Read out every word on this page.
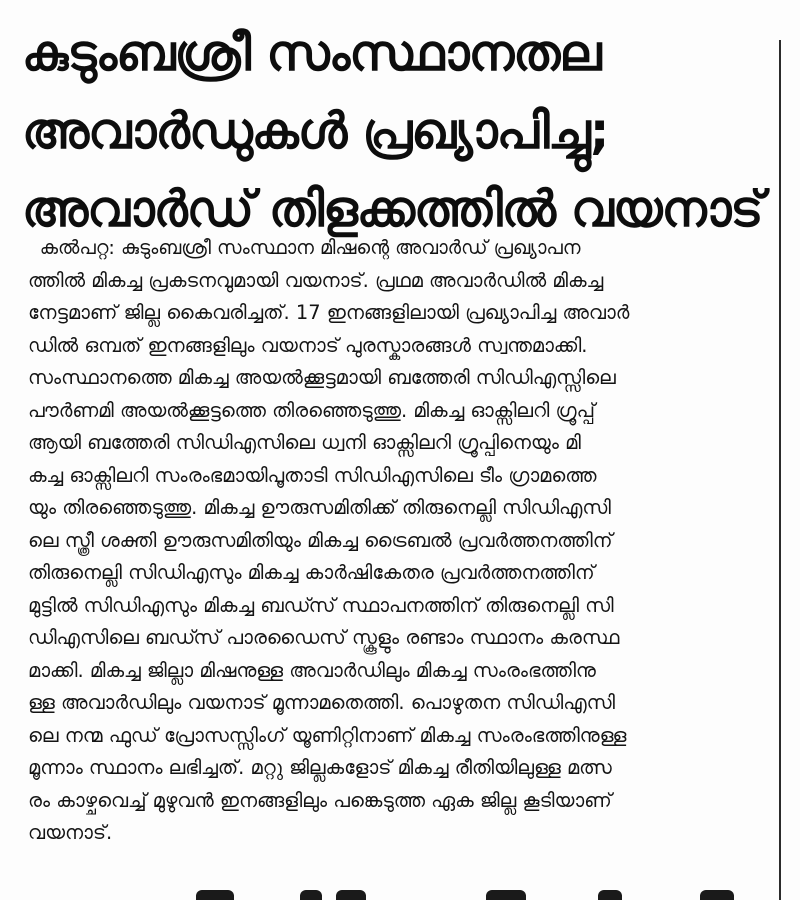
കുടുംബശ്രീ സംസ്ഥാനതല
അവാർഡുകൾ പ്രഖ്യാപിച്ചു;
അവാർഡ് തിളക്കത്തിൽ വയനാട്
കൽപറ്റ: കുടുംബശ്രീ സംസ്ഥാന മിഷന്റെ അവാർഡ് പ്രഖ്യാപന
ത്തിൽ മികച്ച പ്രകടനവുമായി വയനാട്. പ്രഥമ അവാർഡിൽ മികച്ച
നേട്ടമാണ് ജില്ല കൈവരിച്ചത്. 17 ഇനങ്ങളിലായി പ്രഖ്യാപിച്ച അവാർ
ഡിൽ ഒമ്പത് ഇനങ്ങളിലും വയനാട് പുരസ്കാരങ്ങൾ സ്വന്തമാക്കി.
സംസ്ഥാനത്തെ മികച്ച അയൽക്കൂട്ടമായി ബത്തേരി സിഡിഎസ്സിലെ
പൗർണമി അയൽക്കൂട്ടത്തെ തിരഞ്ഞെടുത്തു. മികച്ച ഓക്സിലറി ഗ്രൂപ്പ്
ആയി ബത്തേരി സിഡിഎസിലെ ധ്വനി ഓക്സിലറി ഗ്രൂപ്പിനെയും മി
കച്ച ഓക്സിലറി സംരംഭമായിപൂതാടി സിഡിഎസിലെ ടീം ഗ്രാമത്തെ
യും തിരഞ്ഞെടുത്തു. മികച്ച ഊരുസമിതിക്ക് തിരുനെല്ലി സിഡിഎസി
ലെ സ്ത്രീ ശക്തി ഊരുസമിതിയും മികച്ച ട്രൈബൽ പ്രവർത്തനത്തിന്
തിരുനെല്ലി സിഡിഎസും മികച്ച കാർഷികേതര പ്രവർത്തനത്തിന്
മുട്ടിൽ സിഡിഎസും മികച്ച ബഡ്സ് സ്ഥാപനത്തിന് തിരുനെല്ലി സി
ഡിഎസിലെ ബഡ്സ് പാരഡൈസ് സ്കൂളും രണ്ടാം സ്ഥാനം കരസ്ഥ
മാക്കി. മികച്ച ജില്ലാ മിഷനുള്ള അവാർഡിലും മികച്ച സംരംഭത്തിനു
ള്ള അവാർഡിലും വയനാട് മൂന്നാമതെത്തി. പൊഴുതന സിഡിഎസി
ലെ നന്മ ഫുഡ് പ്രോസസ്സിംഗ് യൂണിറ്റിനാണ് മികച്ച സംരംഭത്തിനുള്ള
മൂന്നാം സ്ഥാനം ലഭിച്ചത്. മറ്റു ജില്ലകളോട് മികച്ച രീതിയിലുള്ള മത്സ
രം കാഴ്ചവെച്ച് മുഴുവൻ ഇനങ്ങളിലും പങ്കെടുത്ത ഏക ജില്ല കൂടിയാണ്
വയനാട്.
